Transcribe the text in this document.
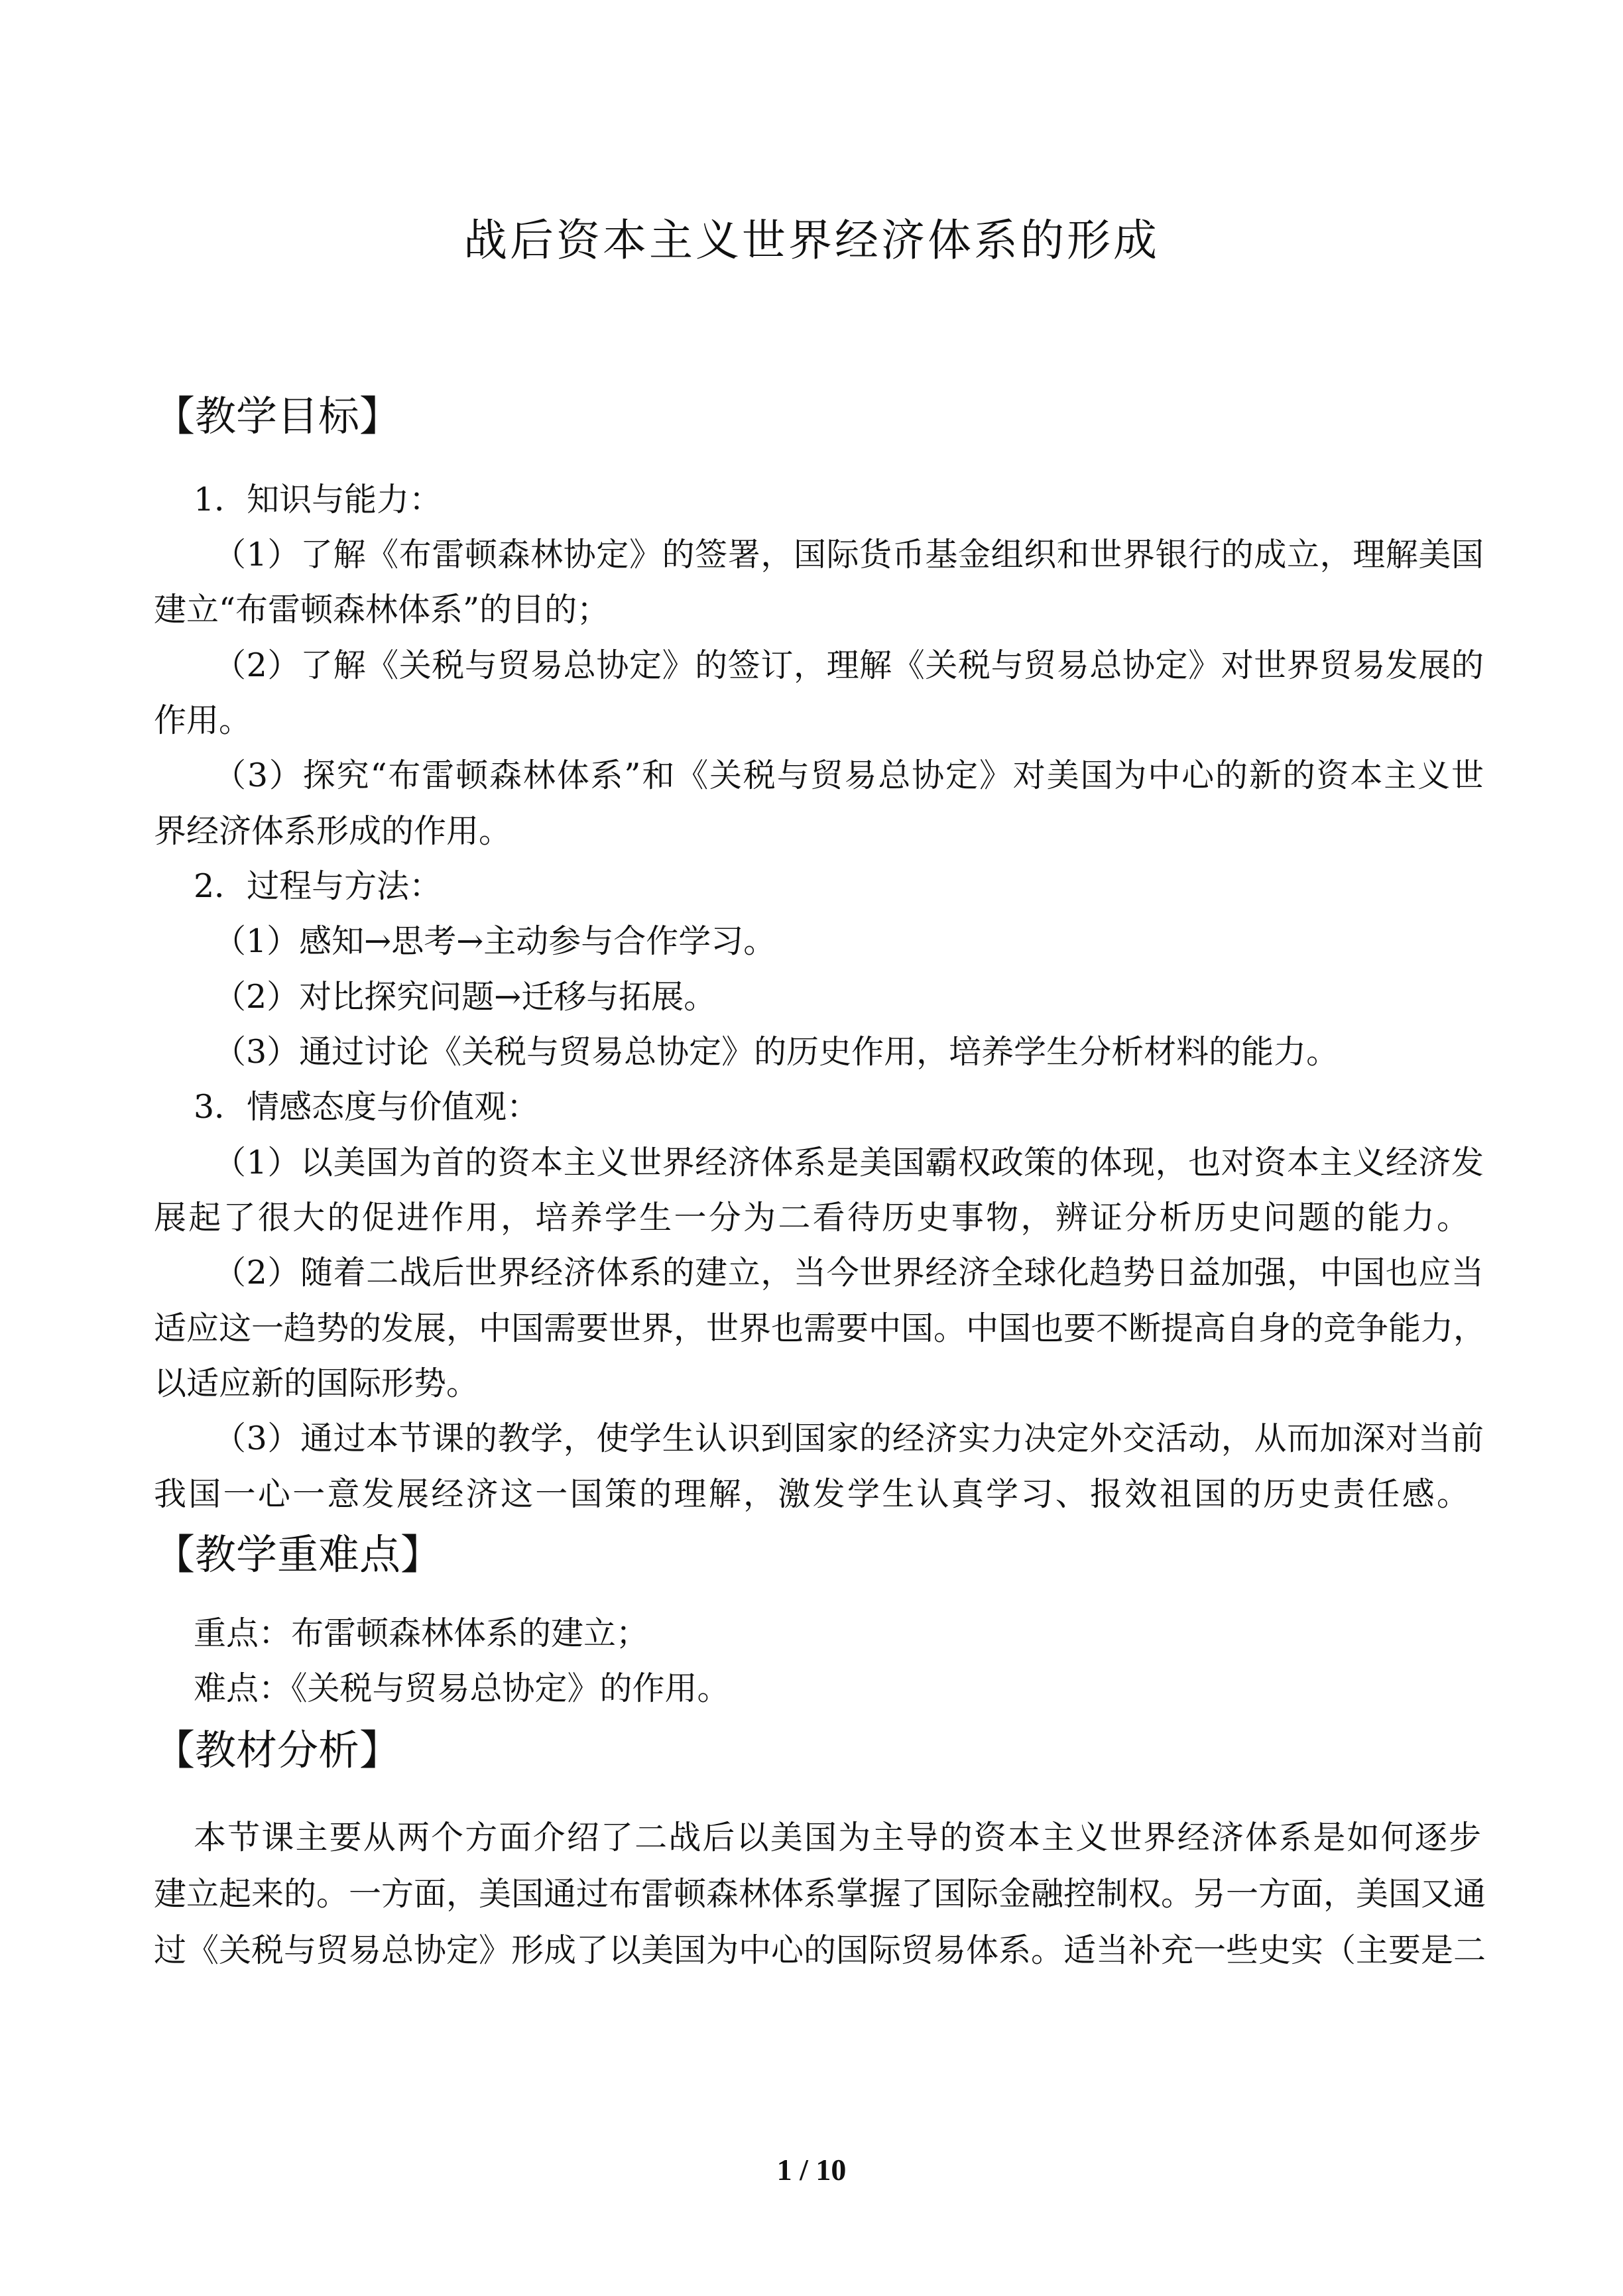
战后资本主义世界经济体系的形成
【教学目标】
1．知识与能力：
（1）了解《布雷顿森林协定》的签署，国际货币基金组织和世界银行的成立，理解美国
建立“布雷顿森林体系”的目的；
（2）了解《关税与贸易总协定》的签订，理解《关税与贸易总协定》对世界贸易发展的
作用。
（3）探究“布雷顿森林体系”和《关税与贸易总协定》对美国为中心的新的资本主义世
界经济体系形成的作用。
2．过程与方法：
（1）感知→思考→主动参与合作学习。
（2）对比探究问题→迁移与拓展。
（3）通过讨论《关税与贸易总协定》的历史作用，培养学生分析材料的能力。
3．情感态度与价值观：
（1）以美国为首的资本主义世界经济体系是美国霸权政策的体现，也对资本主义经济发
展起了很大的促进作用，培养学生一分为二看待历史事物，辨证分析历史问题的能力。
（2）随着二战后世界经济体系的建立，当今世界经济全球化趋势日益加强，中国也应当
适应这一趋势的发展，中国需要世界，世界也需要中国。中国也要不断提高自身的竞争能力，
以适应新的国际形势。
（3）通过本节课的教学，使学生认识到国家的经济实力决定外交活动，从而加深对当前
我国一心一意发展经济这一国策的理解，激发学生认真学习、报效祖国的历史责任感。
【教学重难点】
重点：布雷顿森林体系的建立；
难点：《关税与贸易总协定》的作用。
【教材分析】
本节课主要从两个方面介绍了二战后以美国为主导的资本主义世界经济体系是如何逐步
建立起来的。一方面，美国通过布雷顿森林体系掌握了国际金融控制权。另一方面，美国又通
过《关税与贸易总协定》形成了以美国为中心的国际贸易体系。适当补充一些史实（主要是二
1 / 10
